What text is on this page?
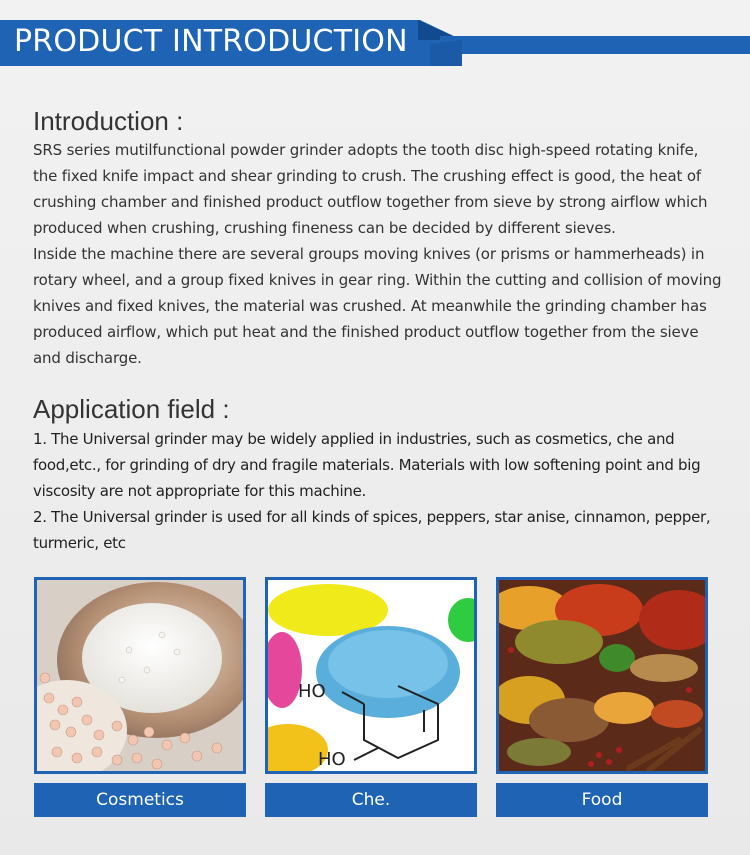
PRODUCT INTRODUCTION
Introduction :

SRS series mutilfunctional powder grinder adopts the tooth disc high-speed rotating knife, the fixed knife impact and shear grinding to crush. The crushing effect is good, the heat of crushing chamber and finished product outflow together from sieve by strong airflow which produced when crushing, crushing fineness can be decided by different sieves.

Inside the machine there are several groups moving knives (or prisms or hammerheads) in rotary wheel, and a group fixed knives in gear ring. Within the cutting and collision of moving knives and fixed knives, the material was crushed. At meanwhile the grinding chamber has produced airflow, which put heat and the finished product outflow together from the sieve and discharge.

Application field :

1. The Universal grinder may be widely applied in industries, such as cosmetics, che and food,etc., for grinding of dry and fragile materials. Materials with low softening point and big viscosity are not appropriate for this machine.

2. The Universal grinder is used for all kinds of spices, peppers, star anise, cinnamon, pepper, turmeric, etc

Cosmetics
HO
HO
Che.	Food
